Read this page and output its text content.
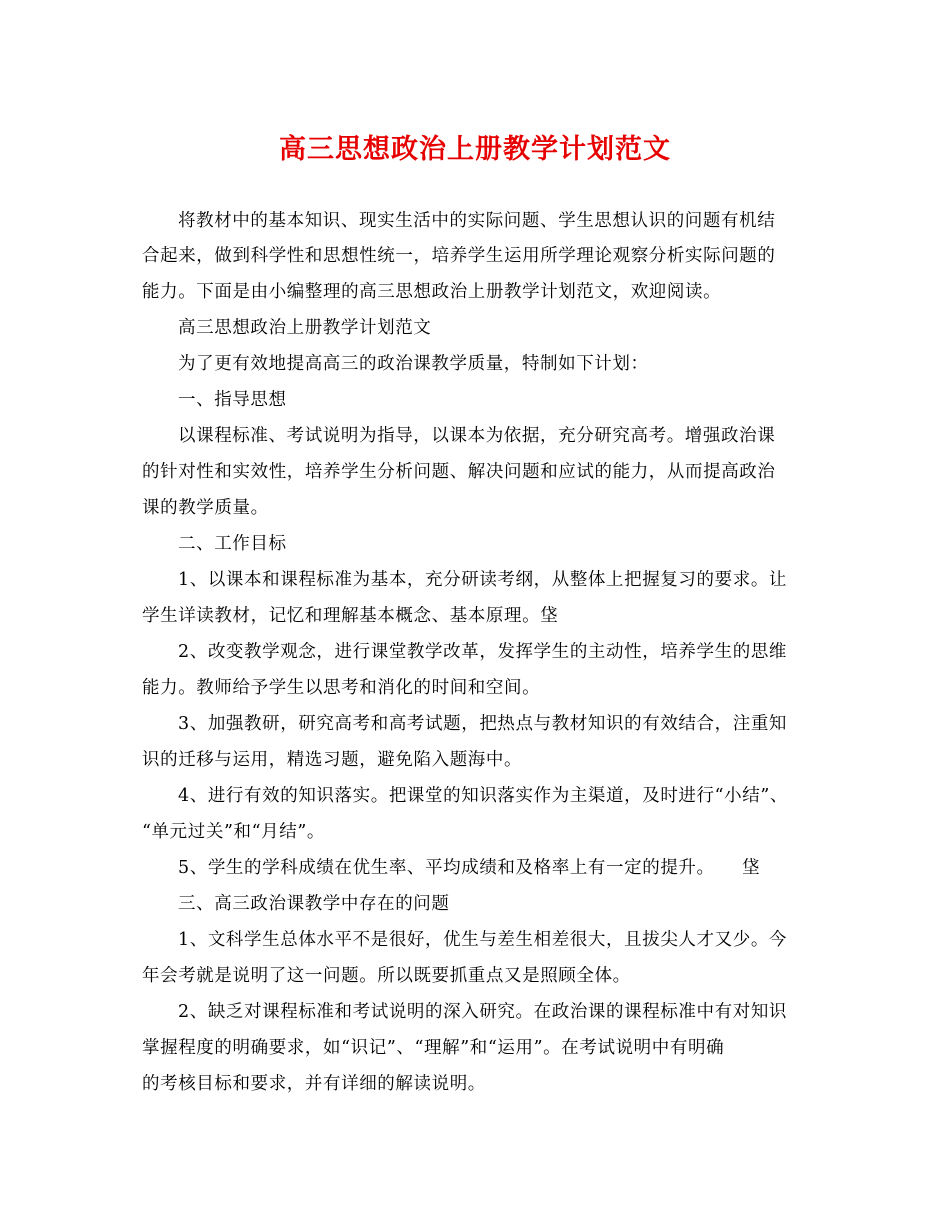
高三思想政治上册教学计划范文
将教材中的基本知识、现实生活中的实际问题、学生思想认识的问题有机结
合起来，做到科学性和思想性统一，培养学生运用所学理论观察分析实际问题的
能力。下面是由小编整理的高三思想政治上册教学计划范文，欢迎阅读。
高三思想政治上册教学计划范文
为了更有效地提高高三的政治课教学质量，特制如下计划：
一、指导思想
以课程标准、考试说明为指导，以课本为依据，充分研究高考。增强政治课
的针对性和实效性，培养学生分析问题、解决问题和应试的能力，从而提高政治
课的教学质量。
二、工作目标
1、以课本和课程标准为基本，充分研读考纲，从整体上把握复习的要求。让
学生详读教材，记忆和理解基本概念、基本原理。垡
2、改变教学观念，进行课堂教学改革，发挥学生的主动性，培养学生的思维
能力。教师给予学生以思考和消化的时间和空间。
3、加强教研，研究高考和高考试题，把热点与教材知识的有效结合，注重知
识的迁移与运用，精选习题，避免陷入题海中。
4、进行有效的知识落实。把课堂的知识落实作为主渠道，及时进行“小结”、
“单元过关”和“月结”。
5、学生的学科成绩在优生率、平均成绩和及格率上有一定的提升。　　垡
三、高三政治课教学中存在的问题
1、文科学生总体水平不是很好，优生与差生相差很大，且拔尖人才又少。今
年会考就是说明了这一问题。所以既要抓重点又是照顾全体。
2、缺乏对课程标准和考试说明的深入研究。在政治课的课程标准中有对知识
掌握程度的明确要求，如“识记”、“理解”和“运用”。在考试说明中有明确
的考核目标和要求，并有详细的解读说明。
